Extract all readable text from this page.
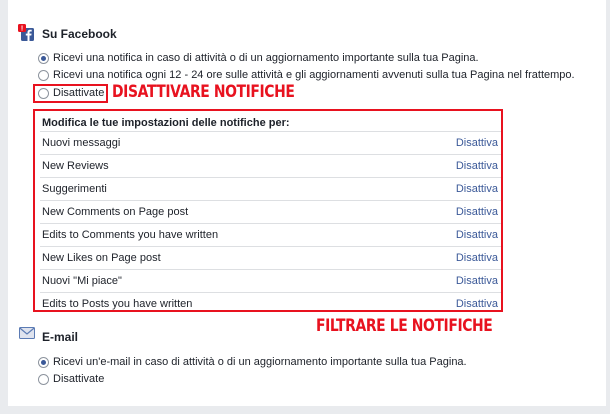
! Su Facebook
Ricevi una notifica in caso di attività o di un aggiornamento importante sulla tua Pagina.
Ricevi una notifica ogni 12 - 24 ore sulle attività e gli aggiornamenti avvenuti sulla tua Pagina nel frattempo.
Disattivate DISATTIVARE NOTIFICHE
Modifica le tue impostazioni delle notifiche per:
Nuovi messaggi	Disattiva
New Reviews	Disattiva
Suggerimenti	Disattiva
New Comments on Page post	Disattiva
Edits to Comments you have written	Disattiva
New Likes on Page post	Disattiva
Nuovi "Mi piace"	Disattiva
Edits to Posts you have written	Disattiva
FILTRARE LE NOTIFICHE
E-mail
Ricevi un'e-mail in caso di attività o di un aggiornamento importante sulla tua Pagina.
Disattivate
